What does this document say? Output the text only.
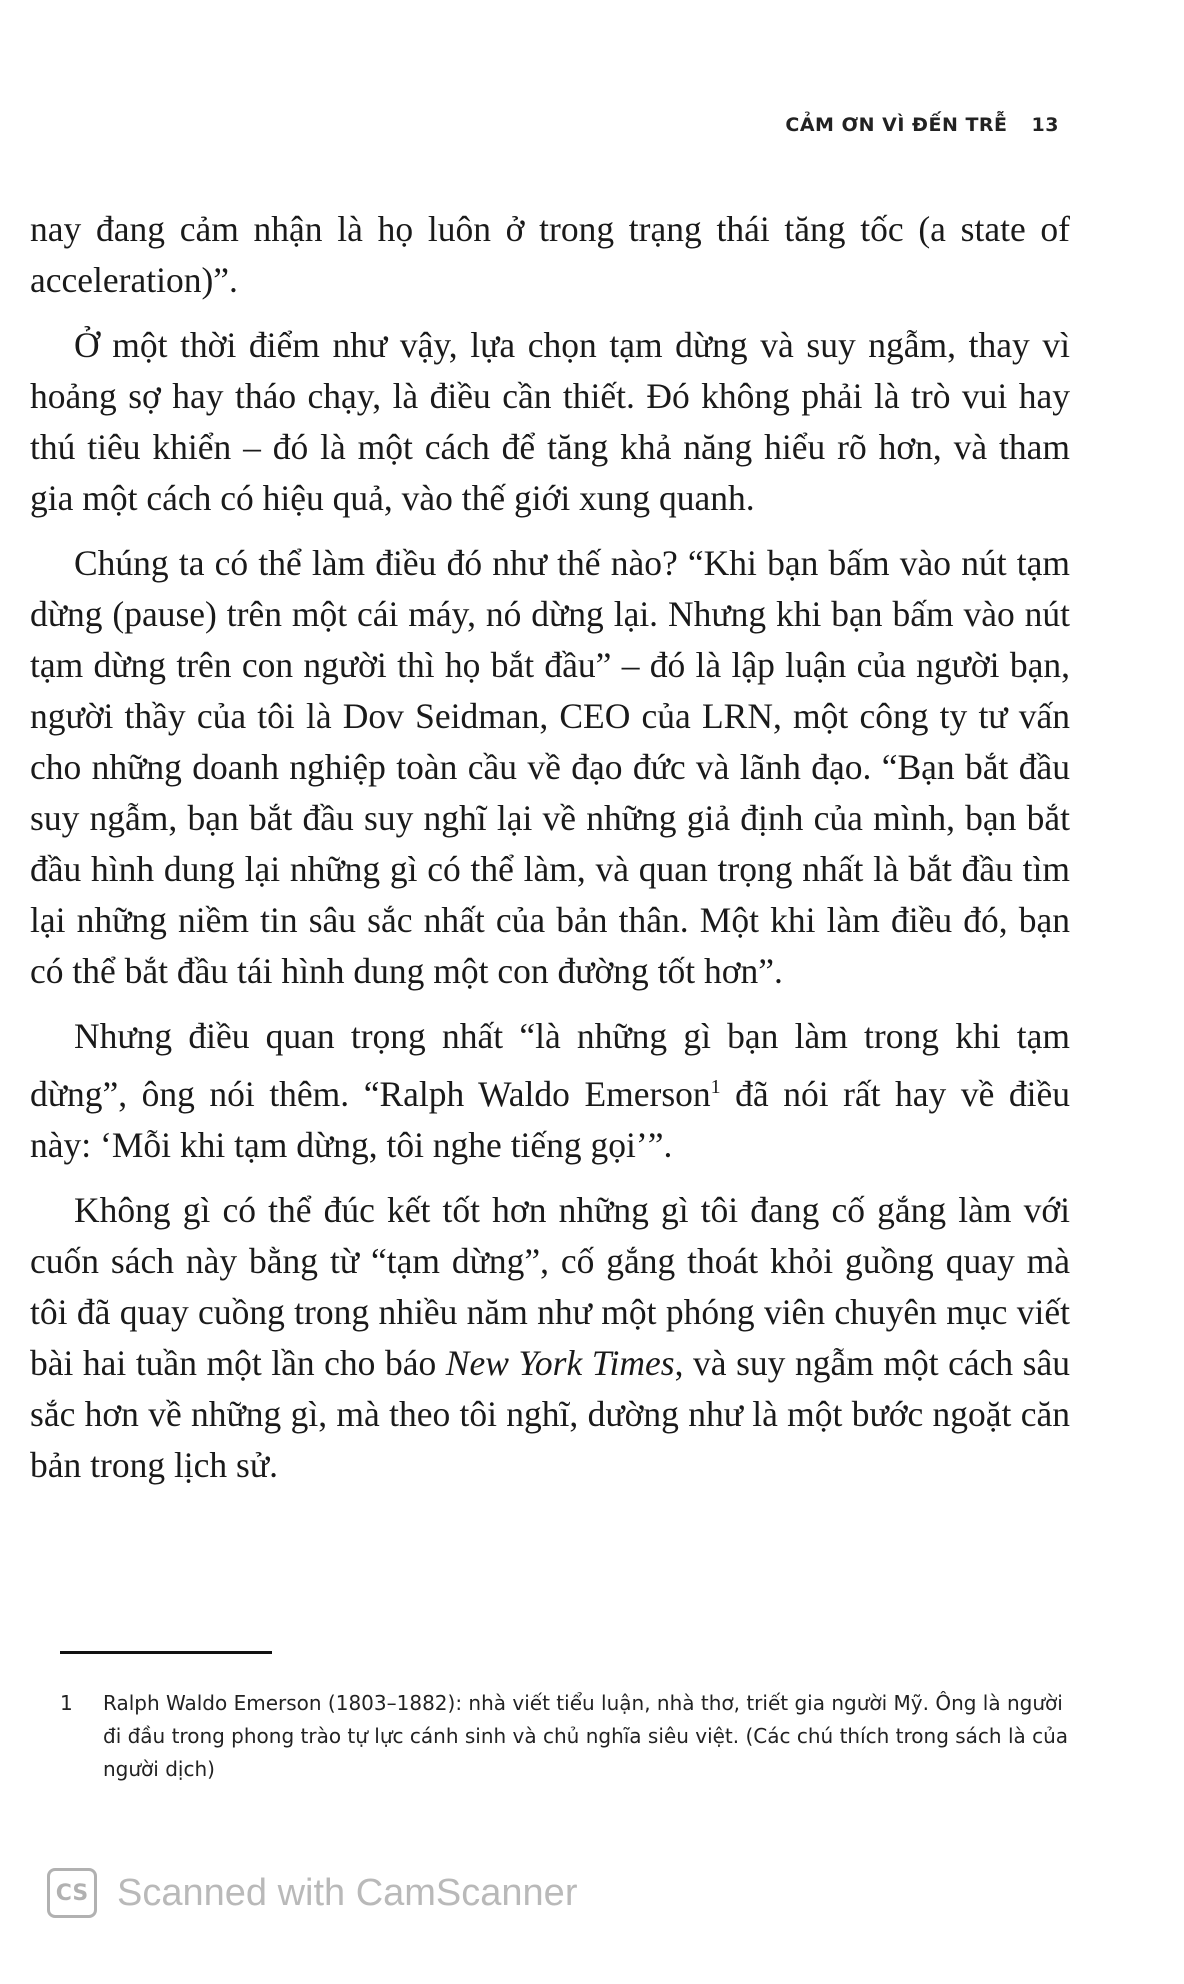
CẢM ƠN VÌ ĐẾN TRỄ 13

nay đang cảm nhận là họ luôn ở trong trạng thái tăng tốc (a state of acceleration)”.

Ở một thời điểm như vậy, lựa chọn tạm dừng và suy ngẫm, thay vì hoảng sợ hay tháo chạy, là điều cần thiết. Đó không phải là trò vui hay thú tiêu khiển – đó là một cách để tăng khả năng hiểu rõ hơn, và tham gia một cách có hiệu quả, vào thế giới xung quanh.

Chúng ta có thể làm điều đó như thế nào? “Khi bạn bấm vào nút tạm dừng (pause) trên một cái máy, nó dừng lại. Nhưng khi bạn bấm vào nút tạm dừng trên con người thì họ bắt đầu” – đó là lập luận của người bạn, người thầy của tôi là Dov Seidman, CEO của LRN, một công ty tư vấn cho những doanh nghiệp toàn cầu về đạo đức và lãnh đạo. “Bạn bắt đầu suy ngẫm, bạn bắt đầu suy nghĩ lại về những giả định của mình, bạn bắt đầu hình dung lại những gì có thể làm, và quan trọng nhất là bắt đầu tìm lại những niềm tin sâu sắc nhất của bản thân. Một khi làm điều đó, bạn có thể bắt đầu tái hình dung một con đường tốt hơn”.

Nhưng điều quan trọng nhất “là những gì bạn làm trong khi tạm dừng”, ông nói thêm. “Ralph Waldo Emerson$^1$ đã nói rất hay về điều này: ‘Mỗi khi tạm dừng, tôi nghe tiếng gọi’”.

Không gì có thể đúc kết tốt hơn những gì tôi đang cố gắng làm với cuốn sách này bằng từ “tạm dừng”, cố gắng thoát khỏi guồng quay mà tôi đã quay cuồng trong nhiều năm như một phóng viên chuyên mục viết bài hai tuần một lần cho báo New York Times, và suy ngẫm một cách sâu sắc hơn về những gì, mà theo tôi nghĩ, dường như là một bước ngoặt căn bản trong lịch sử.

1 Ralph Waldo Emerson (1803–1882): nhà viết tiểu luận, nhà thơ, triết gia người Mỹ. Ông là người đi đầu trong phong trào tự lực cánh sinh và chủ nghĩa siêu việt. (Các chú thích trong sách là của người dịch)
CS Scanned with CamScanner
